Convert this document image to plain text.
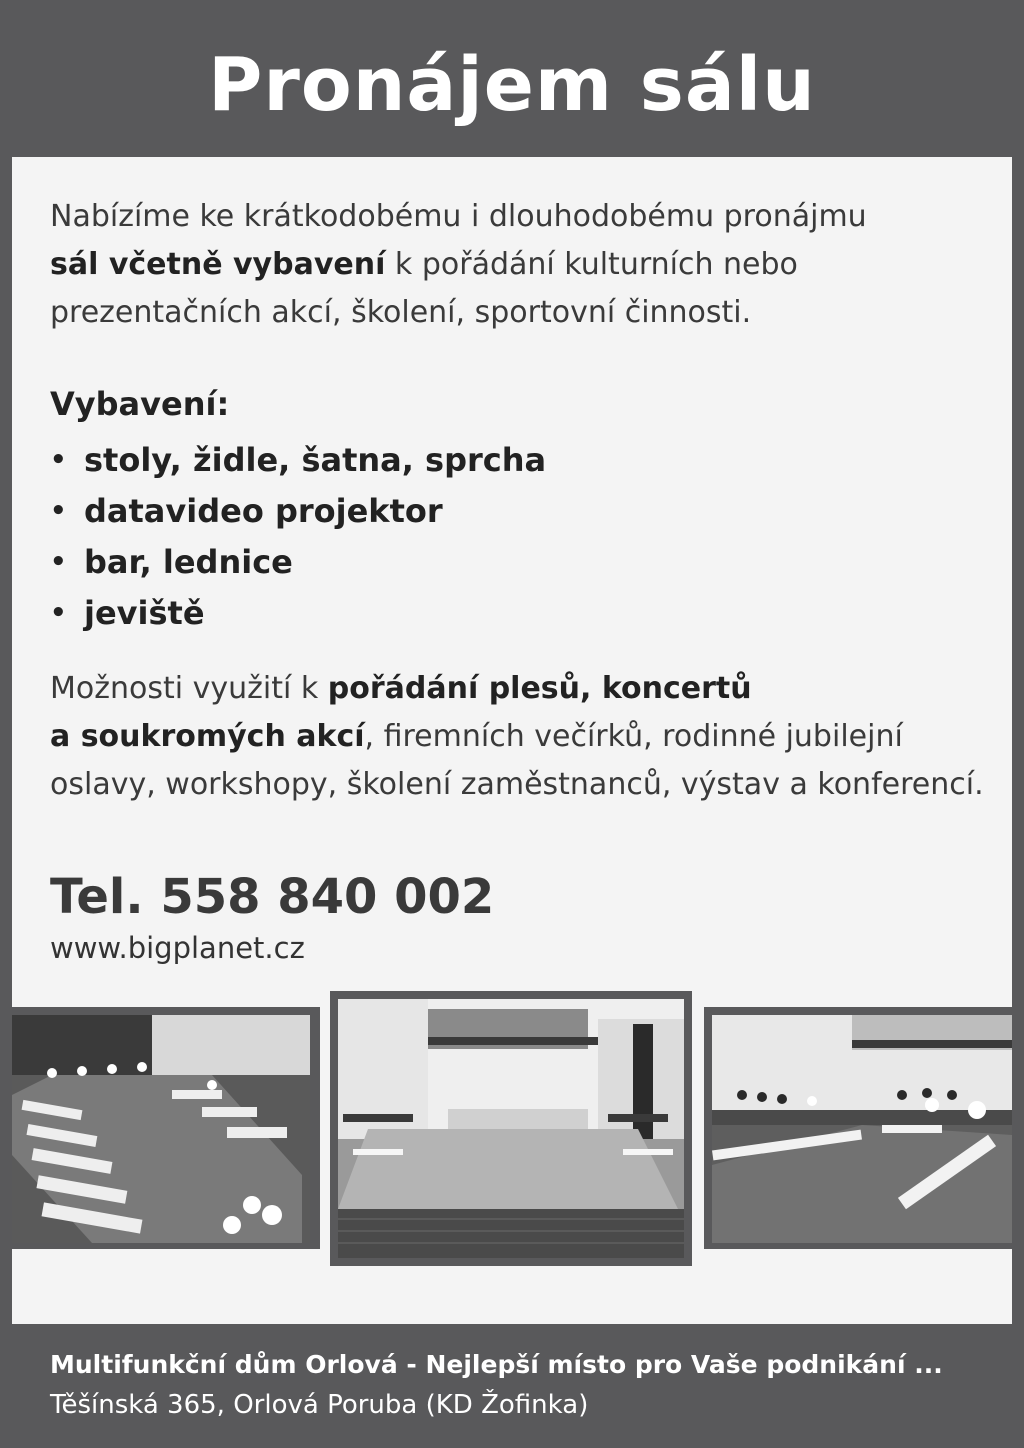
Pronájem sálu

Nabízíme ke krátkodobému i dlouhodobému pronájmu
sál včetně vybavení k pořádání kulturních nebo prezentačních akcí, školení, sportovní činnosti.

Vybavení:
• stoly, židle, šatna, sprcha
• datavideo projektor
• bar, lednice
• jeviště

Možnosti využití k pořádání plesů, koncertů
a soukromých akcí, firemních večírků, rodinné jubilejní oslavy, workshopy, školení zaměstnanců, výstav a konferencí.

Tel. 558 840 002
www.bigplanet.cz
Multifunkční dům Orlová - Nejlepší místo pro Vaše podnikání ...
Těšínská 365, Orlová Poruba (KD Žofinka)
